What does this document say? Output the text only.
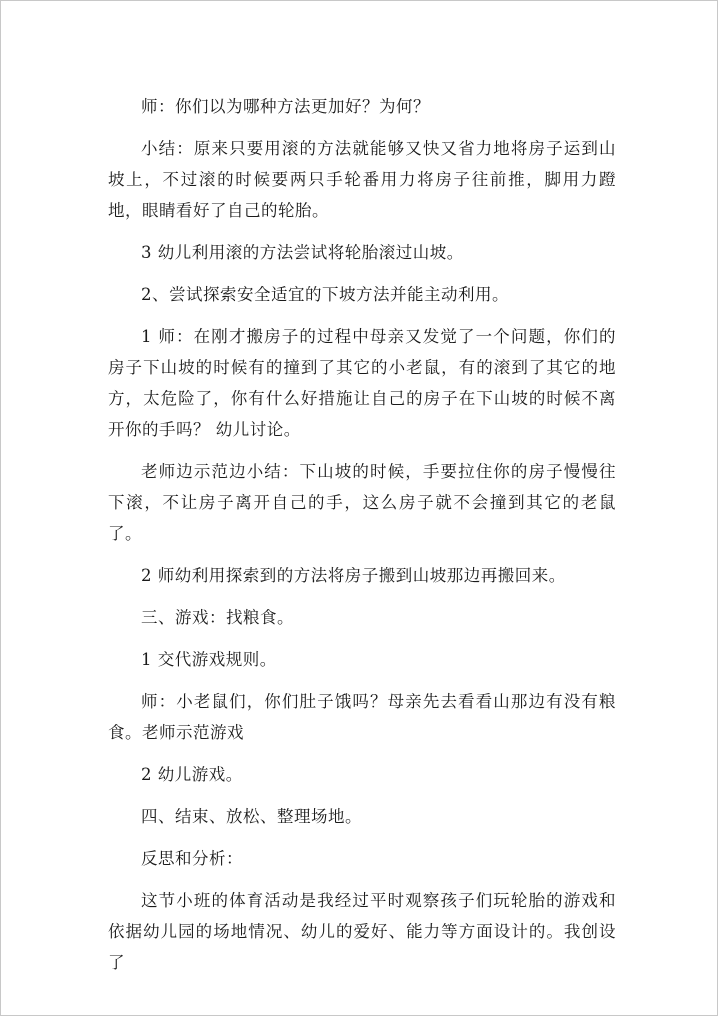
师：你们以为哪种方法更加好？为何？

小结：原来只要用滚的方法就能够又快又省力地将房子运到山坡上，不过滚的时候要两只手轮番用力将房子往前推，脚用力蹬地，眼睛看好了自己的轮胎。

3 幼儿利用滚的方法尝试将轮胎滚过山坡。

2、尝试探索安全适宜的下坡方法并能主动利用。

1 师：在刚才搬房子的过程中母亲又发觉了一个问题，你们的房子下山坡的时候有的撞到了其它的小老鼠，有的滚到了其它的地方，太危险了，你有什么好措施让自己的房子在下山坡的时候不离开你的手吗？ 幼儿讨论。

老师边示范边小结：下山坡的时候，手要拉住你的房子慢慢往下滚，不让房子离开自己的手，这么房子就不会撞到其它的老鼠了。

2 师幼利用探索到的方法将房子搬到山坡那边再搬回来。

三、游戏：找粮食。

1 交代游戏规则。

师：小老鼠们，你们肚子饿吗？母亲先去看看山那边有没有粮食。老师示范游戏

2 幼儿游戏。

四、结束、放松、整理场地。

反思和分析：

这节小班的体育活动是我经过平时观察孩子们玩轮胎的游戏和依据幼儿园的场地情况、幼儿的爱好、能力等方面设计的。我创设了
